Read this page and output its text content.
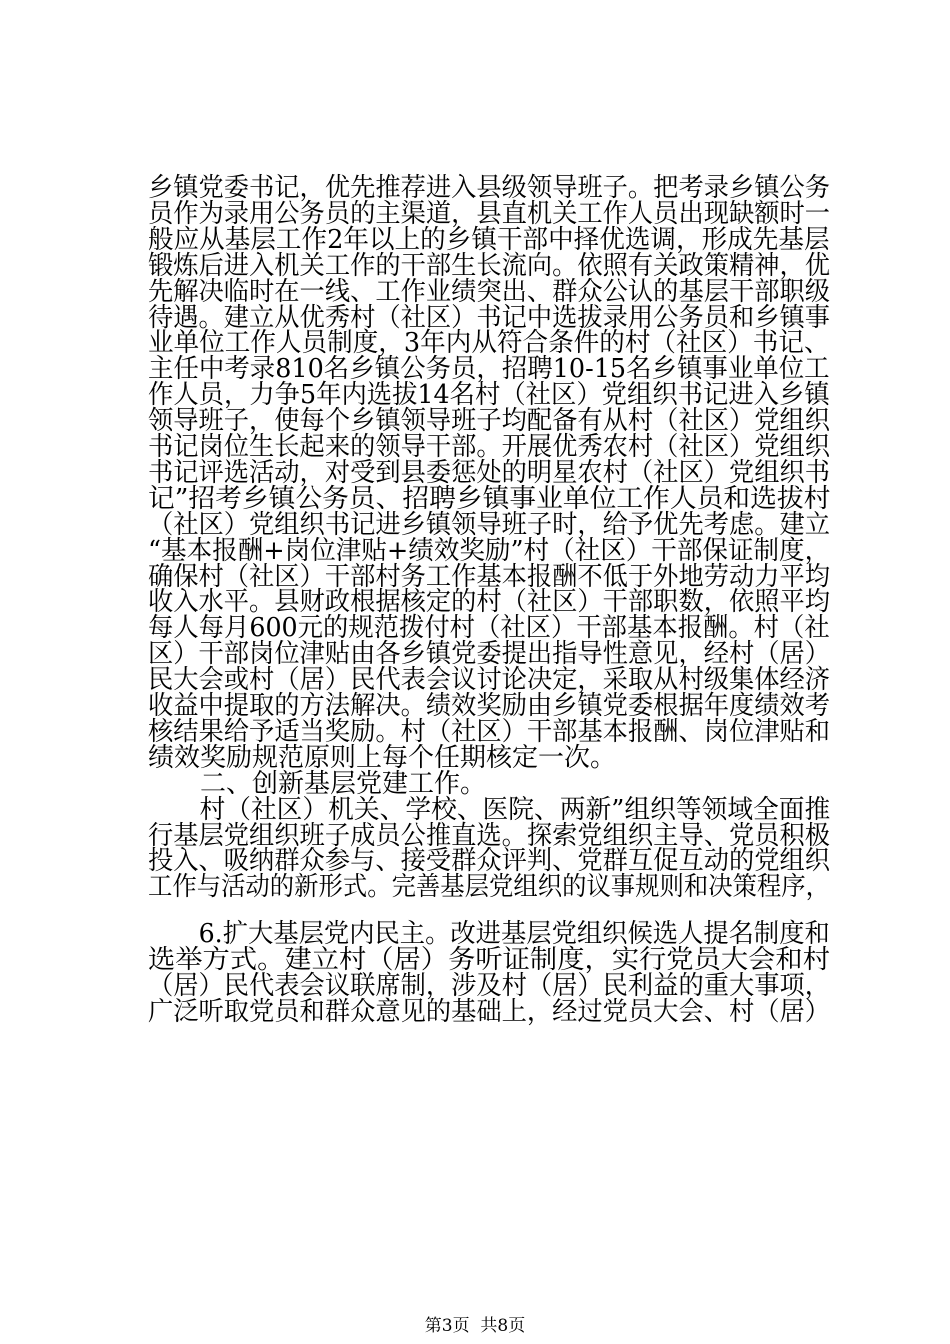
乡镇党委书记，优先推荐进入县级领导班子。把考录乡镇公务
员作为录用公务员的主渠道，县直机关工作人员出现缺额时一
般应从基层工作2年以上的乡镇干部中择优选调，形成先基层
锻炼后进入机关工作的干部生长流向。依照有关政策精神，优
先解决临时在一线、工作业绩突出、群众公认的基层干部职级
待遇。建立从优秀村（社区）书记中选拔录用公务员和乡镇事
业单位工作人员制度，3年内从符合条件的村（社区）书记、
主任中考录810名乡镇公务员，招聘10-15名乡镇事业单位工
作人员，力争5年内选拔14名村（社区）党组织书记进入乡镇
领导班子，使每个乡镇领导班子均配备有从村（社区）党组织
书记岗位生长起来的领导干部。开展优秀农村（社区）党组织
书记评选活动，对受到县委惩处的明星农村（社区）党组织书
记”招考乡镇公务员、招聘乡镇事业单位工作人员和选拔村
（社区）党组织书记进乡镇领导班子时，给予优先考虑。建立
“基本报酬+岗位津贴+绩效奖励”村（社区）干部保证制度，
确保村（社区）干部村务工作基本报酬不低于外地劳动力平均
收入水平。县财政根据核定的村（社区）干部职数，依照平均
每人每月600元的规范拨付村（社区）干部基本报酬。村（社
区）干部岗位津贴由各乡镇党委提出指导性意见，经村（居）
民大会或村（居）民代表会议讨论决定，采取从村级集体经济
收益中提取的方法解决。绩效奖励由乡镇党委根据年度绩效考
核结果给予适当奖励。村（社区）干部基本报酬、岗位津贴和
绩效奖励规范原则上每个任期核定一次。
　　二、创新基层党建工作。
　　村（社区）机关、学校、医院、两新”组织等领域全面推
行基层党组织班子成员公推直选。探索党组织主导、党员积极
投入、吸纳群众参与、接受群众评判、党群互促互动的党组织
工作与活动的新形式。完善基层党组织的议事规则和决策程序，
　　6.扩大基层党内民主。改进基层党组织候选人提名制度和
第3页  共8页
选举方式。建立村（居）务听证制度，实行党员大会和村
（居）民代表会议联席制，涉及村（居）民利益的重大事项，
广泛听取党员和群众意见的基础上，经过党员大会、村（居）
